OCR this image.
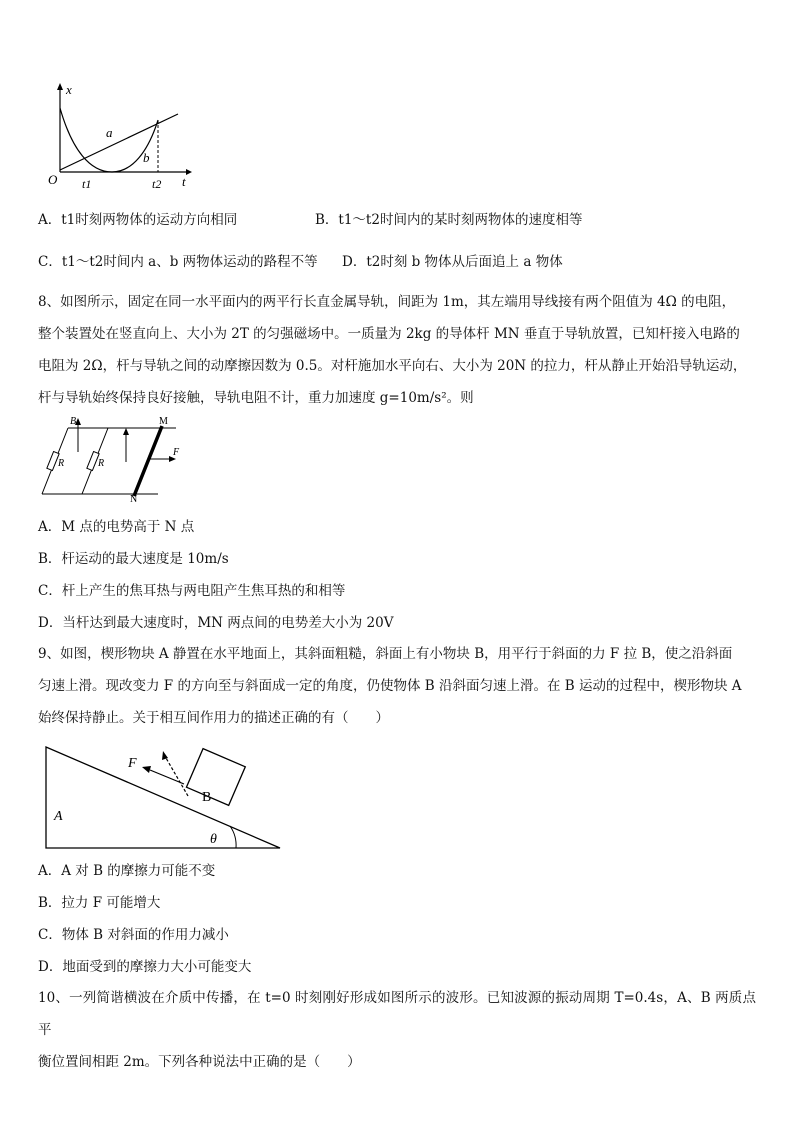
x
t
O
a
b
t1	t2
A．t1时刻两物体的运动方向相同	B．t1～t2时间内的某时刻两物体的速度相等
C．t1～t2时间内 a、b 两物体运动的路程不等 D．t2时刻 b 物体从后面追上 a 物体
8、如图所示，固定在同一水平面内的两平行长直金属导轨，间距为 1m，其左端用导线接有两个阻值为 4Ω 的电阻，
整个装置处在竖直向上、大小为 2T 的匀强磁场中。一质量为 2kg 的导体杆 MN 垂直于导轨放置，已知杆接入电路的
电阻为 2Ω，杆与导轨之间的动摩擦因数为 0.5。对杆施加水平向右、大小为 20N 的拉力，杆从静止开始沿导轨运动，
杆与导轨始终保持良好接触，导轨电阻不计，重力加速度 g=10m/s²。则
B
R	R
M
N
F
A．M 点的电势高于 N 点
B．杆运动的最大速度是 10m/s
C．杆上产生的焦耳热与两电阻产生焦耳热的和相等
D．当杆达到最大速度时，MN 两点间的电势差大小为 20V
9、如图，楔形物块 A 静置在水平地面上，其斜面粗糙，斜面上有小物块 B，用平行于斜面的力 F 拉 B，使之沿斜面
匀速上滑。现改变力 F 的方向至与斜面成一定的角度，仍使物体 B 沿斜面匀速上滑。在 B 运动的过程中，楔形物块 A
始终保持静止。关于相互间作用力的描述正确的有（　　）
A
B
F
θ
A．A 对 B 的摩擦力可能不变
B．拉力 F 可能增大
C．物体 B 对斜面的作用力减小
D．地面受到的摩擦力大小可能变大
10、一列简谐横波在介质中传播，在 t=0 时刻刚好形成如图所示的波形。已知波源的振动周期 T=0.4s，A、B 两质点平
衡位置间相距 2m。下列各种说法中正确的是（　　）
